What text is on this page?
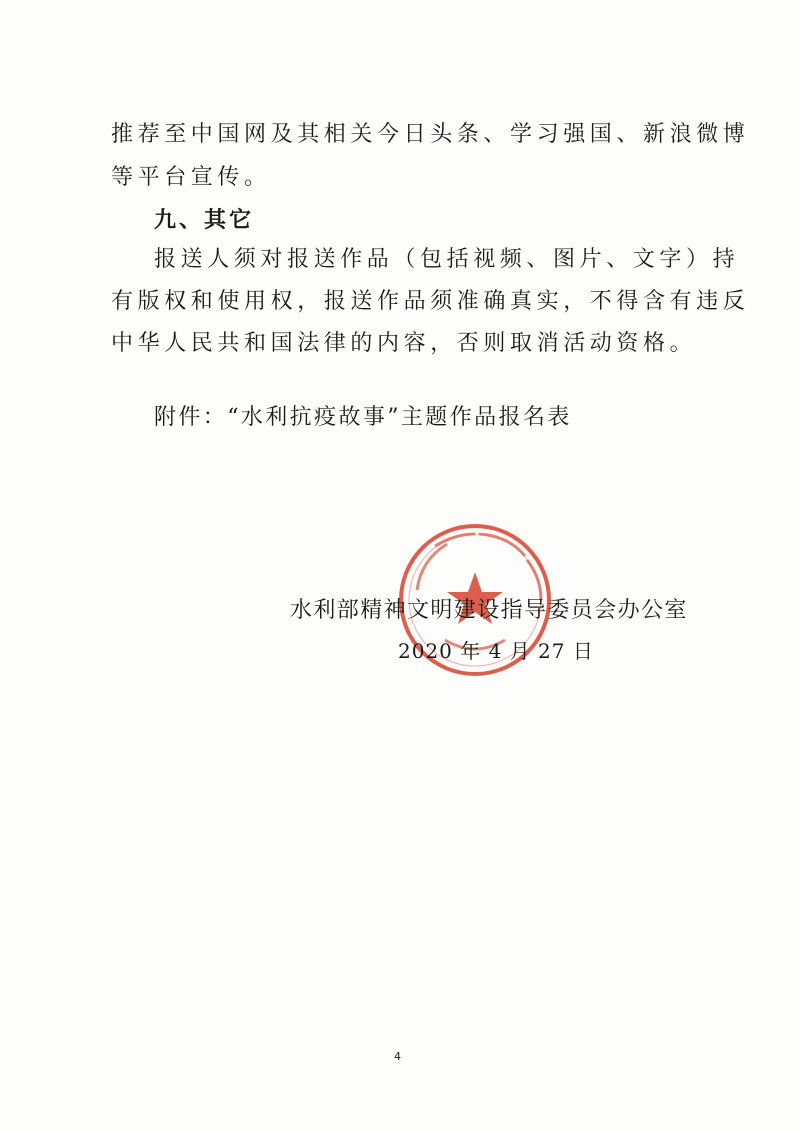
推荐至中国网及其相关今日头条、学习强国、新浪微博
等平台宣传。
九、其它
报送人须对报送作品（包括视频、图片、文字）持
有版权和使用权，报送作品须准确真实，不得含有违反
中华人民共和国法律的内容，否则取消活动资格。
附件：“水利抗疫故事”主题作品报名表
水利部精神文明建设指导委员会办公室
2020 年 4 月 27 日
4
